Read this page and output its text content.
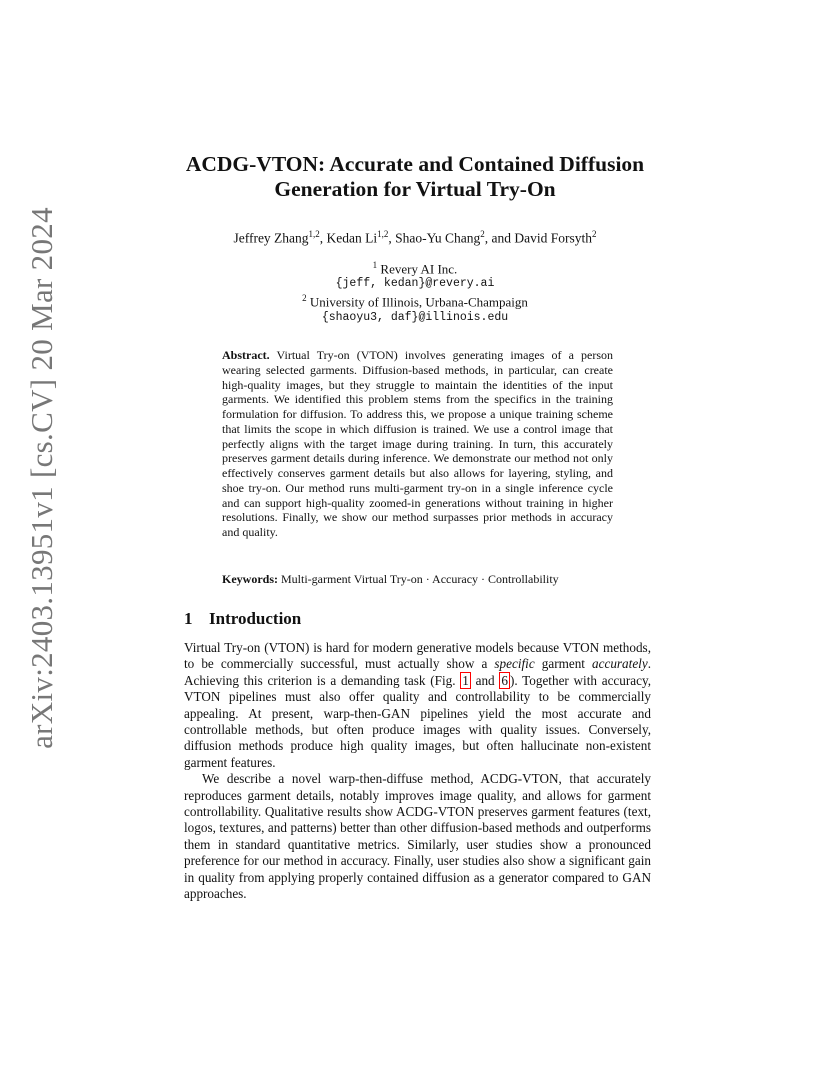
arXiv:2403.13951v1 [cs.CV] 20 Mar 2024
ACDG-VTON: Accurate and Contained Diffusion
Generation for Virtual Try-On
Jeffrey Zhang$^{1,2}$, Kedan Li$^{1,2}$, Shao-Yu Chang$^2$, and David Forsyth$^2$
$^1$ Revery AI Inc.
{jeff, kedan}@revery.ai
$^2$ University of Illinois, Urbana-Champaign
{shaoyu3, daf}@illinois.edu
Abstract. Virtual Try-on (VTON) involves generating images of a person wearing selected garments. Diffusion-based methods, in particular, can create high-quality images, but they struggle to maintain the identities of the input garments. We identified this problem stems from the specifics in the training formulation for diffusion. To address this, we propose a unique training scheme that limits the scope in which diffusion is trained. We use a control image that perfectly aligns with the target image during training. In turn, this accurately preserves garment details during inference. We demonstrate our method not only effectively conserves garment details but also allows for layering, styling, and shoe try-on. Our method runs multi-garment try-on in a single inference cycle and can support high-quality zoomed-in generations without training in higher resolutions. Finally, we show our method surpasses prior methods in accuracy and quality.
Keywords: Multi-garment Virtual Try-on · Accuracy · Controllability
1 Introduction

Virtual Try-on (VTON) is hard for modern generative models because VTON methods, to be commercially successful, must actually show a specific garment accurately. Achieving this criterion is a demanding task (Fig. 1 and 6 ). Together with accuracy, VTON pipelines must also offer quality and controllability to be commercially appealing. At present, warp-then-GAN pipelines yield the most accurate and controllable methods, but often produce images with quality issues. Conversely, diffusion methods produce high quality images, but often hallucinate non-existent garment features.

We describe a novel warp-then-diffuse method, ACDG-VTON, that accurately reproduces garment details, notably improves image quality, and allows for garment controllability. Qualitative results show ACDG-VTON preserves garment features (text, logos, textures, and patterns) better than other diffusion-based methods and outperforms them in standard quantitative metrics. Similarly, user studies show a pronounced preference for our method in accuracy. Finally, user studies also show a significant gain in quality from applying properly contained diffusion as a generator compared to GAN approaches.
